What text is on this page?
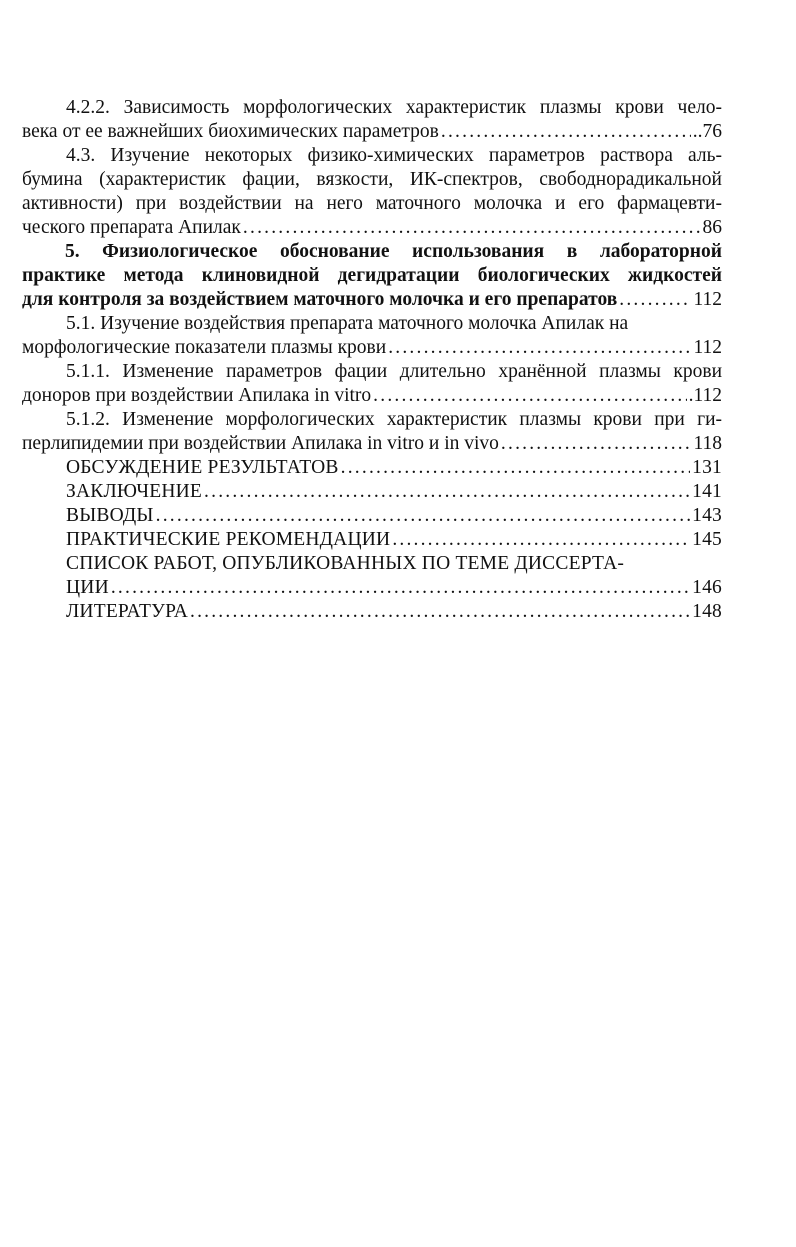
4.2.2. Зависимость морфологических характеристик плазмы крови чело-
века от ее важнейших биохимических параметров .....	..76
4.3. Изучение некоторых физико-химических параметров раствора аль-
бумина (характеристик фации, вязкости, ИК-спектров, свободнорадикальной
активности) при воздействии на него маточного молочка и его фармацевти-
ческого препарата Апилак .....	86
5. Физиологическое обоснование использования в лабораторной
практике метода клиновидной дегидратации биологических жидкостей
для контроля за воздействием маточного молочка и его препаратов .....	112
5.1. Изучение воздействия препарата маточного молочка Апилак на
морфологические показатели плазмы крови .....	112
5.1.1. Изменение параметров фации длительно хранённой плазмы крови
доноров при воздействии Апилака in vitro .....	.112
5.1.2. Изменение морфологических характеристик плазмы крови при ги-
перлипидемии при воздействии Апилака in vitro и in vivo .....	118
ОБСУЖДЕНИЕ РЕЗУЛЬТАТОВ .....	131
ЗАКЛЮЧЕНИЕ .....	141
ВЫВОДЫ .....	143
ПРАКТИЧЕСКИЕ РЕКОМЕНДАЦИИ .....	145
СПИСОК РАБОТ, ОПУБЛИКОВАННЫХ ПО ТЕМЕ ДИССЕРТА-
ЦИИ .....	146
ЛИТЕРАТУРА .....	148
